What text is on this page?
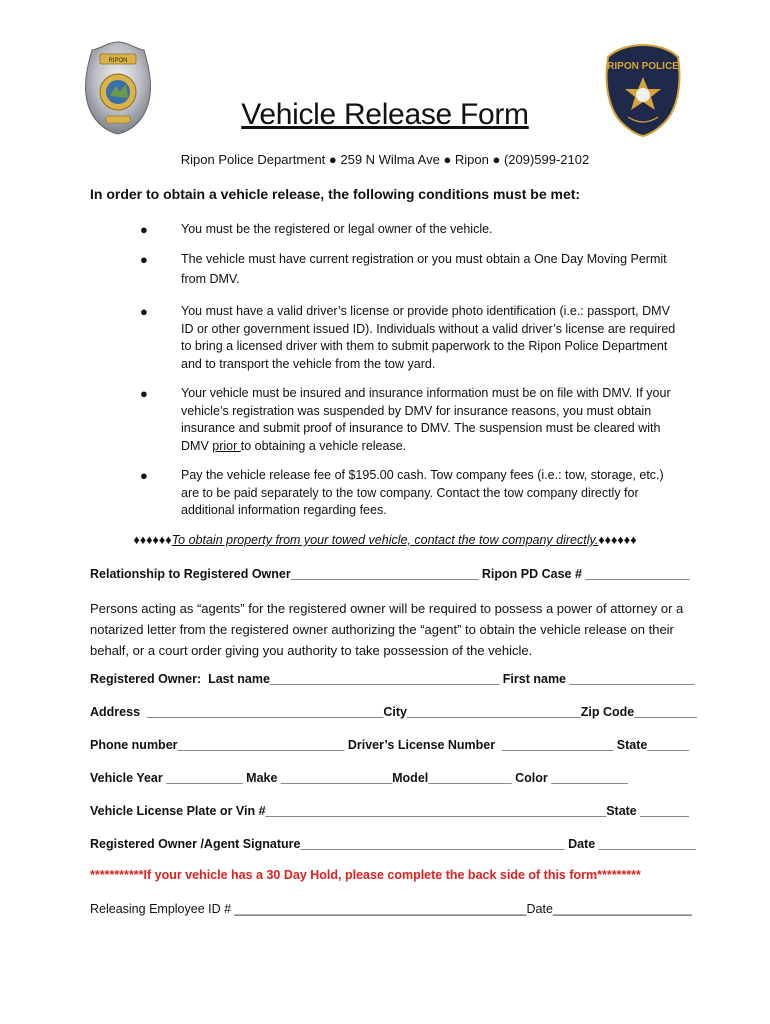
RIPON	RIPON POLICE
Vehicle Release Form
Ripon Police Department ● 259 N Wilma Ave ● Ripon ● (209)599-2102
In order to obtain a vehicle release, the following conditions must be met:
●	You must be the registered or legal owner of the vehicle.
●	The vehicle must have current registration or you must obtain a One Day Moving Permit from DMV.
●	You must have a valid driver’s license or provide photo identification (i.e.: passport, DMV ID or other government issued ID). Individuals without a valid driver’s license are required to bring a licensed driver with them to submit paperwork to the Ripon Police Department and to transport the vehicle from the tow yard.
●	Your vehicle must be insured and insurance information must be on file with DMV. If your vehicle’s registration was suspended by DMV for insurance reasons, you must obtain insurance and submit proof of insurance to DMV. The suspension must be cleared with DMV prior to obtaining a vehicle release.
●	Pay the vehicle release fee of $195.00 cash. Tow company fees (i.e.: tow, storage, etc.) are to be paid separately to the tow company. Contact the tow company directly for additional information regarding fees.
♦♦♦♦♦♦To obtain property from your towed vehicle, contact the tow company directly.♦♦♦♦♦♦
Relationship to Registered Owner___________________________ Ripon PD Case # _______________
Persons acting as “agents” for the registered owner will be required to possess a power of attorney or a notarized letter from the registered owner authorizing the “agent” to obtain the vehicle release on their behalf, or a court order giving you authority to take possession of the vehicle.
Registered Owner:  Last name_________________________________ First name __________________
Address  __________________________________City_________________________Zip Code_________
Phone number________________________ Driver’s License Number  ________________ State______
Vehicle Year ___________ Make ________________Model____________ Color ___________
Vehicle License Plate or Vin #_________________________________________________State _______
Registered Owner /Agent Signature______________________________________ Date ______________
***********If your vehicle has a 30 Day Hold, please complete the back side of this form*********
Releasing Employee ID # __________________________________________Date____________________
